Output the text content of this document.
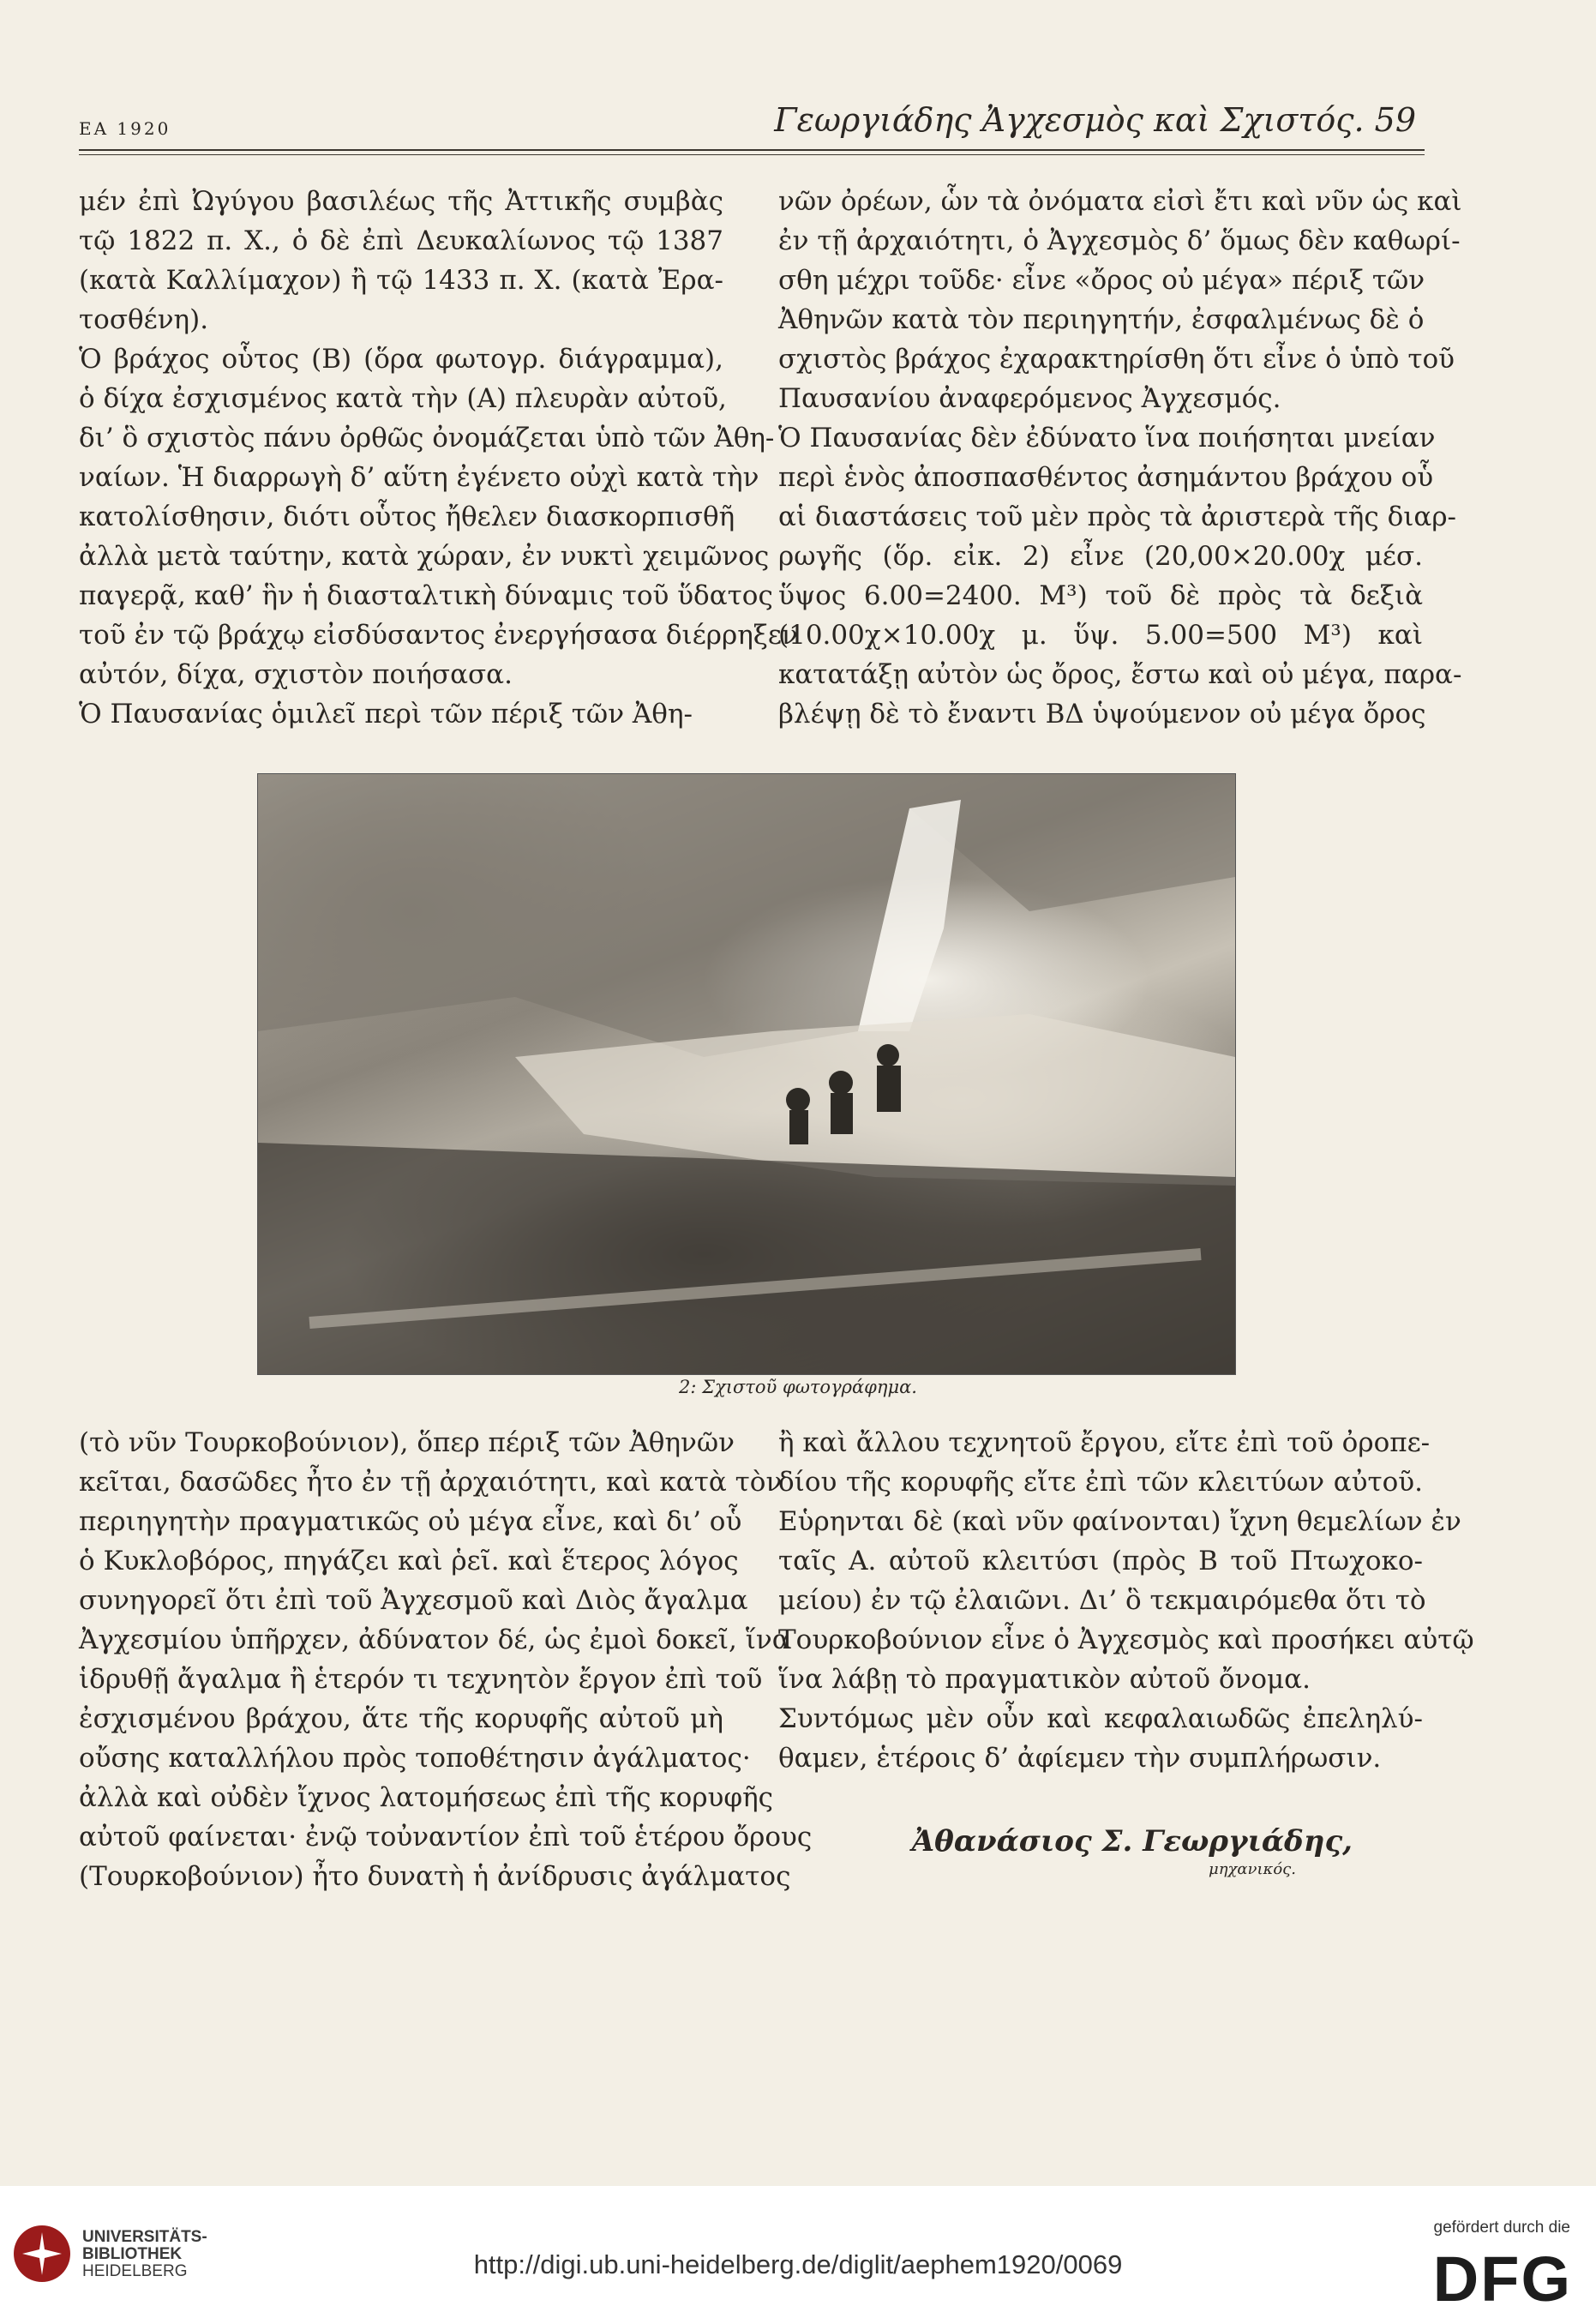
ΕΑ 1920	Γεωργιάδης Ἀγχεσμὸς καὶ Σχιστός. 59
μέν ἐπὶ Ὠγύγου βασιλέως τῆς Ἀττικῆς συμβὰς
τῷ 1822 π. Χ., ὁ δὲ ἐπὶ Δευκαλίωνος τῷ 1387
(κατὰ Καλλίμαχον) ἢ τῷ 1433 π. Χ. (κατὰ Ἐρα-
τοσθένη).
Ὁ βράχος οὗτος (Β) (ὅρα φωτογρ. διάγραμμα),
ὁ δίχα ἐσχισμένος κατὰ τὴν (Α) πλευρὰν αὐτοῦ,
δι’ ὃ σχιστὸς πάνυ ὀρθῶς ὀνομάζεται ὑπὸ τῶν Ἀθη-
ναίων. Ἡ διαρρωγὴ δ’ αὕτη ἐγένετο οὐχὶ κατὰ τὴν
κατολίσθησιν, διότι οὗτος ἤθελεν διασκορπισθῆ
ἀλλὰ μετὰ ταύτην, κατὰ χώραν, ἐν νυκτὶ χειμῶνος
παγερᾷ, καθ’ ἣν ἡ διασταλτικὴ δύναμις τοῦ ὕδατος
τοῦ ἐν τῷ βράχῳ εἰσδύσαντος ἐνεργήσασα διέρρηξεν
αὐτόν, δίχα, σχιστὸν ποιήσασα.
Ὁ Παυσανίας ὁμιλεῖ περὶ τῶν πέριξ τῶν Ἀθη-
νῶν ὀρέων, ὧν τὰ ὀνόματα εἰσὶ ἔτι καὶ νῦν ὡς καὶ
ἐν τῇ ἀρχαιότητι, ὁ Ἀγχεσμὸς δ’ ὅμως δὲν καθωρί-
σθη μέχρι τοῦδε· εἶνε «ὄρος οὐ μέγα» πέριξ τῶν
Ἀθηνῶν κατὰ τὸν περιηγητήν, ἐσφαλμένως δὲ ὁ
σχιστὸς βράχος ἐχαρακτηρίσθη ὅτι εἶνε ὁ ὑπὸ τοῦ
Παυσανίου ἀναφερόμενος Ἀγχεσμός.
Ὁ Παυσανίας δὲν ἐδύνατο ἵνα ποιήσηται μνείαν
περὶ ἑνὸς ἀποσπασθέντος ἀσημάντου βράχου οὗ
αἱ διαστάσεις τοῦ μὲν πρὸς τὰ ἀριστερὰ τῆς διαρ-
ρωγῆς (ὅρ. εἰκ. 2) εἶνε (20,00×20.00χ μέσ.
ὕψος 6.00=2400. Μ³) τοῦ δὲ πρὸς τὰ δεξιὰ
(10.00χ×10.00χ μ. ὕψ. 5.00=500 Μ³) καὶ
κατατάξῃ αὐτὸν ὡς ὄρος, ἔστω καὶ οὐ μέγα, παρα-
βλέψῃ δὲ τὸ ἔναντι ΒΔ ὑψούμενον οὐ μέγα ὄρος
2: Σχιστοῦ φωτογράφημα.
(τὸ νῦν Τουρκοβούνιον), ὅπερ πέριξ τῶν Ἀθηνῶν
κεῖται, δασῶδες ἦτο ἐν τῇ ἀρχαιότητι, καὶ κατὰ τὸν
περιηγητὴν πραγματικῶς οὐ μέγα εἶνε, καὶ δι’ οὗ
ὁ Κυκλοβόρος, πηγάζει καὶ ῥεῖ. καὶ ἕτερος λόγος
συνηγορεῖ ὅτι ἐπὶ τοῦ Ἀγχεσμοῦ καὶ Διὸς ἄγαλμα
Ἀγχεσμίου ὑπῆρχεν, ἀδύνατον δέ, ὡς ἐμοὶ δοκεῖ, ἵνα
ἱδρυθῇ ἄγαλμα ἢ ἑτερόν τι τεχνητὸν ἔργον ἐπὶ τοῦ
ἐσχισμένου βράχου, ἅτε τῆς κορυφῆς αὐτοῦ μὴ
οὔσης καταλλήλου πρὸς τοποθέτησιν ἀγάλματος·
ἀλλὰ καὶ οὐδὲν ἴχνος λατομήσεως ἐπὶ τῆς κορυφῆς
αὐτοῦ φαίνεται· ἐνῷ τοὐναντίον ἐπὶ τοῦ ἑτέρου ὄρους
(Τουρκοβούνιον) ἦτο δυνατὴ ἡ ἀνίδρυσις ἀγάλματος
ἢ καὶ ἄλλου τεχνητοῦ ἔργου, εἴτε ἐπὶ τοῦ ὀροπε-
δίου τῆς κορυφῆς εἴτε ἐπὶ τῶν κλειτύων αὐτοῦ.
Εὑρηνται δὲ (καὶ νῦν φαίνονται) ἴχνη θεμελίων ἐν
ταῖς Α. αὐτοῦ κλειτύσι (πρὸς Β τοῦ Πτωχοκο-
μείου) ἐν τῷ ἐλαιῶνι. Δι’ ὃ τεκμαιρόμεθα ὅτι τὸ
Τουρκοβούνιον εἶνε ὁ Ἀγχεσμὸς καὶ προσήκει αὐτῷ
ἵνα λάβῃ τὸ πραγματικὸν αὐτοῦ ὄνομα.
Συντόμως μὲν οὖν καὶ κεφαλαιωδῶς ἐπεληλύ-
θαμεν, ἑτέροις δ’ ἀφίεμεν τὴν συμπλήρωσιν.
Ἀθανάσιος Σ. Γεωργιάδης,
μηχανικός.
UNIVERSITÄTS-
BIBLIOTHEK
HEIDELBERG	http://digi.ub.uni-heidelberg.de/diglit/aephem1920/0069
gefördert durch die
DFG
